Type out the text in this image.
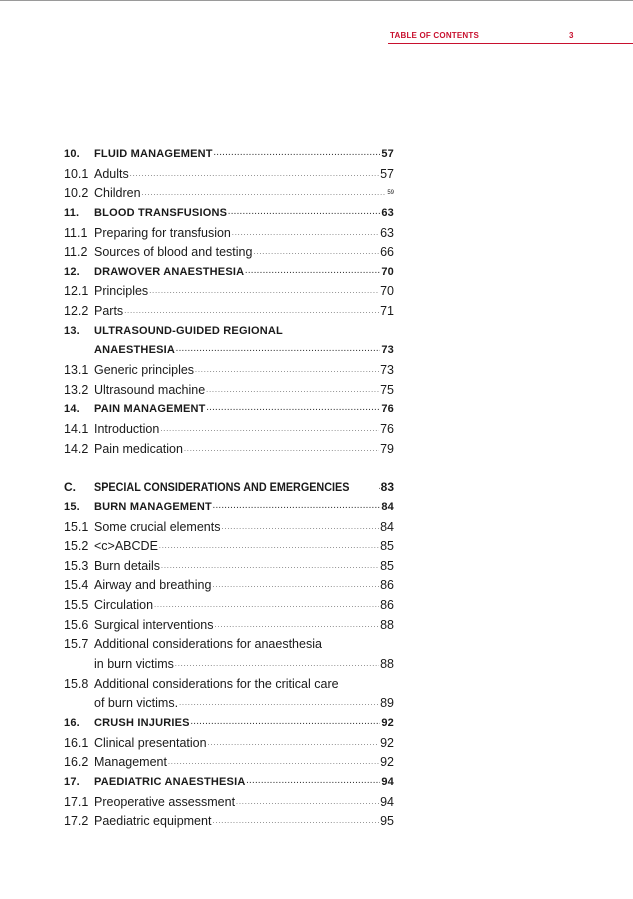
TABLE OF CONTENTS	3
10.	FLUID MANAGEMENT .....	57
10.1 Adults .....	57
10.2 Children .....	59
11.	BLOOD TRANSFUSIONS .....	63
11.1 Preparing for transfusion .....	63
11.2 Sources of blood and testing .....	66
12.	DRAWOVER ANAESTHESIA .....	70
12.1 Principles .....	70
12.2 Parts .....	71
13.	ULTRASOUND-GUIDED REGIONAL
ANAESTHESIA .....	73
13.1 Generic principles .....	73
13.2 Ultrasound machine .....	75
14.	PAIN MANAGEMENT .....	76
14.1 Introduction .....	76
14.2 Pain medication .....	79
C.	SPECIAL CONSIDERATIONS AND EMERGENCIES .....	83
15.	BURN MANAGEMENT .....	84
15.1 Some crucial elements .....	84
15.2 <c>ABCDE .....	85
15.3 Burn details .....	85
15.4 Airway and breathing .....	86
15.5 Circulation .....	86
15.6 Surgical interventions .....	88
15.7 Additional considerations for anaesthesia
in burn victims .....	88
15.8 Additional considerations for the critical care
of burn victims. .....	89
16.	CRUSH INJURIES .....	92
16.1 Clinical presentation .....	92
16.2 Management .....	92
17.	PAEDIATRIC ANAESTHESIA .....	94
17.1 Preoperative assessment .....	94
17.2 Paediatric equipment .....	95
